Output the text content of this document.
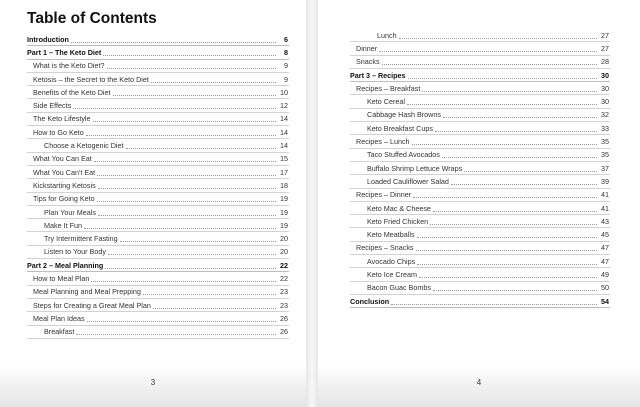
Table of Contents
Introduction	6
Part 1 – The Keto Diet	8
What is the Keto Diet?	9
Ketosis – the Secret to the Keto Diet	9
Benefits of the Keto Diet	10
Side Effects	12
The Keto Lifestyle	14
How to Go Keto	14
Choose a Ketogenic Diet	14
What You Can Eat	15
What You Can't Eat	17
Kickstarting Ketosis	18
Tips for Going Keto	19
Plan Your Meals	19
Make It Fun	19
Try Intermittent Fasting	20
Listen to Your Body	20
Part 2 – Meal Planning	22
How to Meal Plan	22
Meal Planning and Meal Prepping	23
Steps for Creating a Great Meal Plan	23
Meal Plan Ideas	26
Breakfast	26
3
Lunch	27
Dinner	27
Snacks	28
Part 3 – Recipes	30
Recipes – Breakfast	30
Keto Cereal	30
Cabbage Hash Browns	32
Keto Breakfast Cups	33
Recipes – Lunch	35
Taco Stuffed Avocados	35
Buffalo Shrimp Lettuce Wraps	37
Loaded Cauliflower Salad	39
Recipes – Dinner	41
Keto Mac & Cheese	41
Keto Fried Chicken	43
Keto Meatballs	45
Recipes – Snacks	47
Avocado Chips	47
Keto Ice Cream	49
Bacon Guac Bombs	50
Conclusion	54
4
